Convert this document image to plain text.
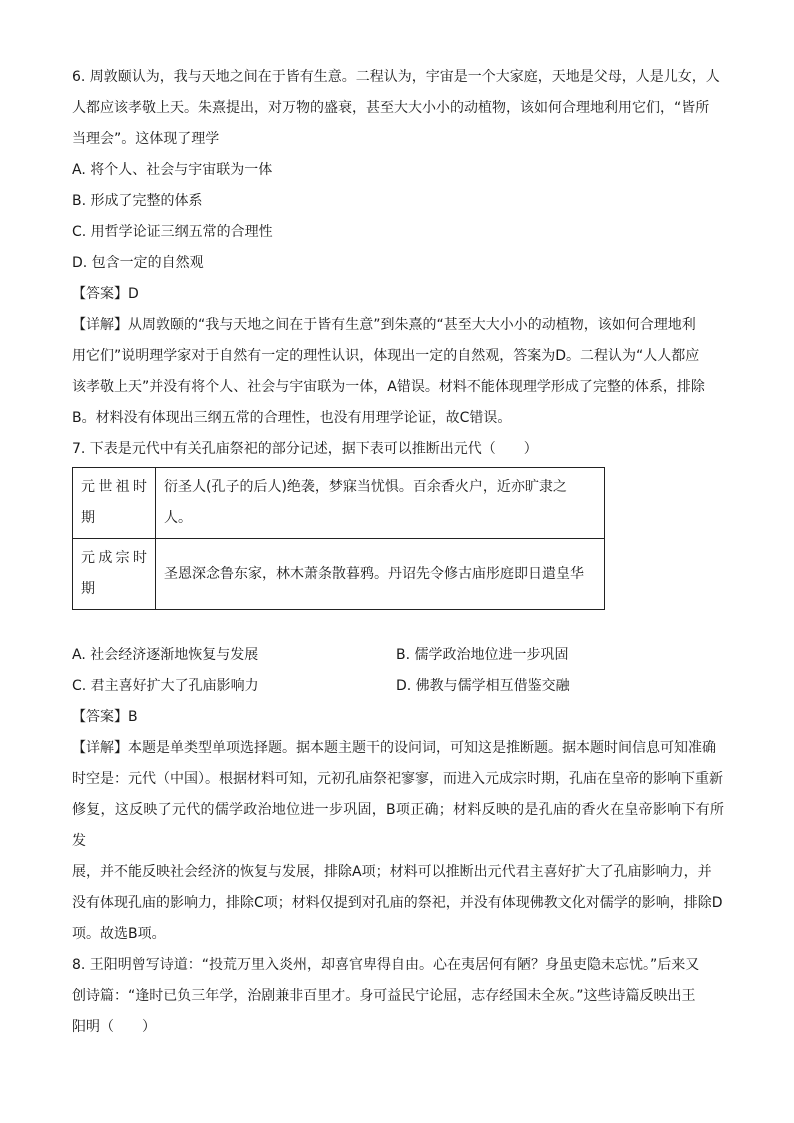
6. 周敦颐认为，我与天地之间在于皆有生意。二程认为，宇宙是一个大家庭，天地是父母，人是儿女，人

人都应该孝敬上天。朱熹提出，对万物的盛衰，甚至大大小小的动植物，该如何合理地利用它们，“皆所

当理会”。这体现了理学

A. 将个人、社会与宇宙联为一体

B. 形成了完整的体系

C. 用哲学论证三纲五常的合理性

D. 包含一定的自然观

【答案】D

【详解】从周敦颐的“我与天地之间在于皆有生意”到朱熹的“甚至大大小小的动植物，该如何合理地利

用它们”说明理学家对于自然有一定的理性认识，体现出一定的自然观，答案为D。二程认为“人人都应

该孝敬上天”并没有将个人、社会与宇宙联为一体，A错误。材料不能体现理学形成了完整的体系，排除

B。材料没有体现出三纲五常的合理性，也没有用理学论证，故C错误。

7. 下表是元代中有关孔庙祭祀的部分记述，据下表可以推断出元代（　　）

元世祖时期	衍圣人(孔子的后人)绝袭，梦寐当忧惧。百余香火户，近亦旷隶之人。
元成宗时期	圣恩深念鲁东家，林木萧条散暮鸦。丹诏先令修古庙彤庭即日遣皇华
A. 社会经济逐渐地恢复与发展	B. 儒学政治地位进一步巩固
C. 君主喜好扩大了孔庙影响力	D. 佛教与儒学相互借鉴交融

【答案】B

【详解】本题是单类型单项选择题。据本题主题干的设问词，可知这是推断题。据本题时间信息可知准确

时空是：元代（中国）。根据材料可知，元初孔庙祭祀寥寥，而进入元成宗时期，孔庙在皇帝的影响下重新

修复，这反映了元代的儒学政治地位进一步巩固，B项正确；材料反映的是孔庙的香火在皇帝影响下有所发

展，并不能反映社会经济的恢复与发展，排除A项；材料可以推断出元代君主喜好扩大了孔庙影响力，并

没有体现孔庙的影响力，排除C项；材料仅提到对孔庙的祭祀，并没有体现佛教文化对儒学的影响，排除D

项。故选B项。

8. 王阳明曾写诗道：“投荒万里入炎州，却喜官卑得自由。心在夷居何有陋？身虽吏隐未忘忧。”后来又

创诗篇：“逢时已负三年学，治剧兼非百里才。身可益民宁论屈，志存经国未全灰。”这些诗篇反映出王

阳明（　　）
